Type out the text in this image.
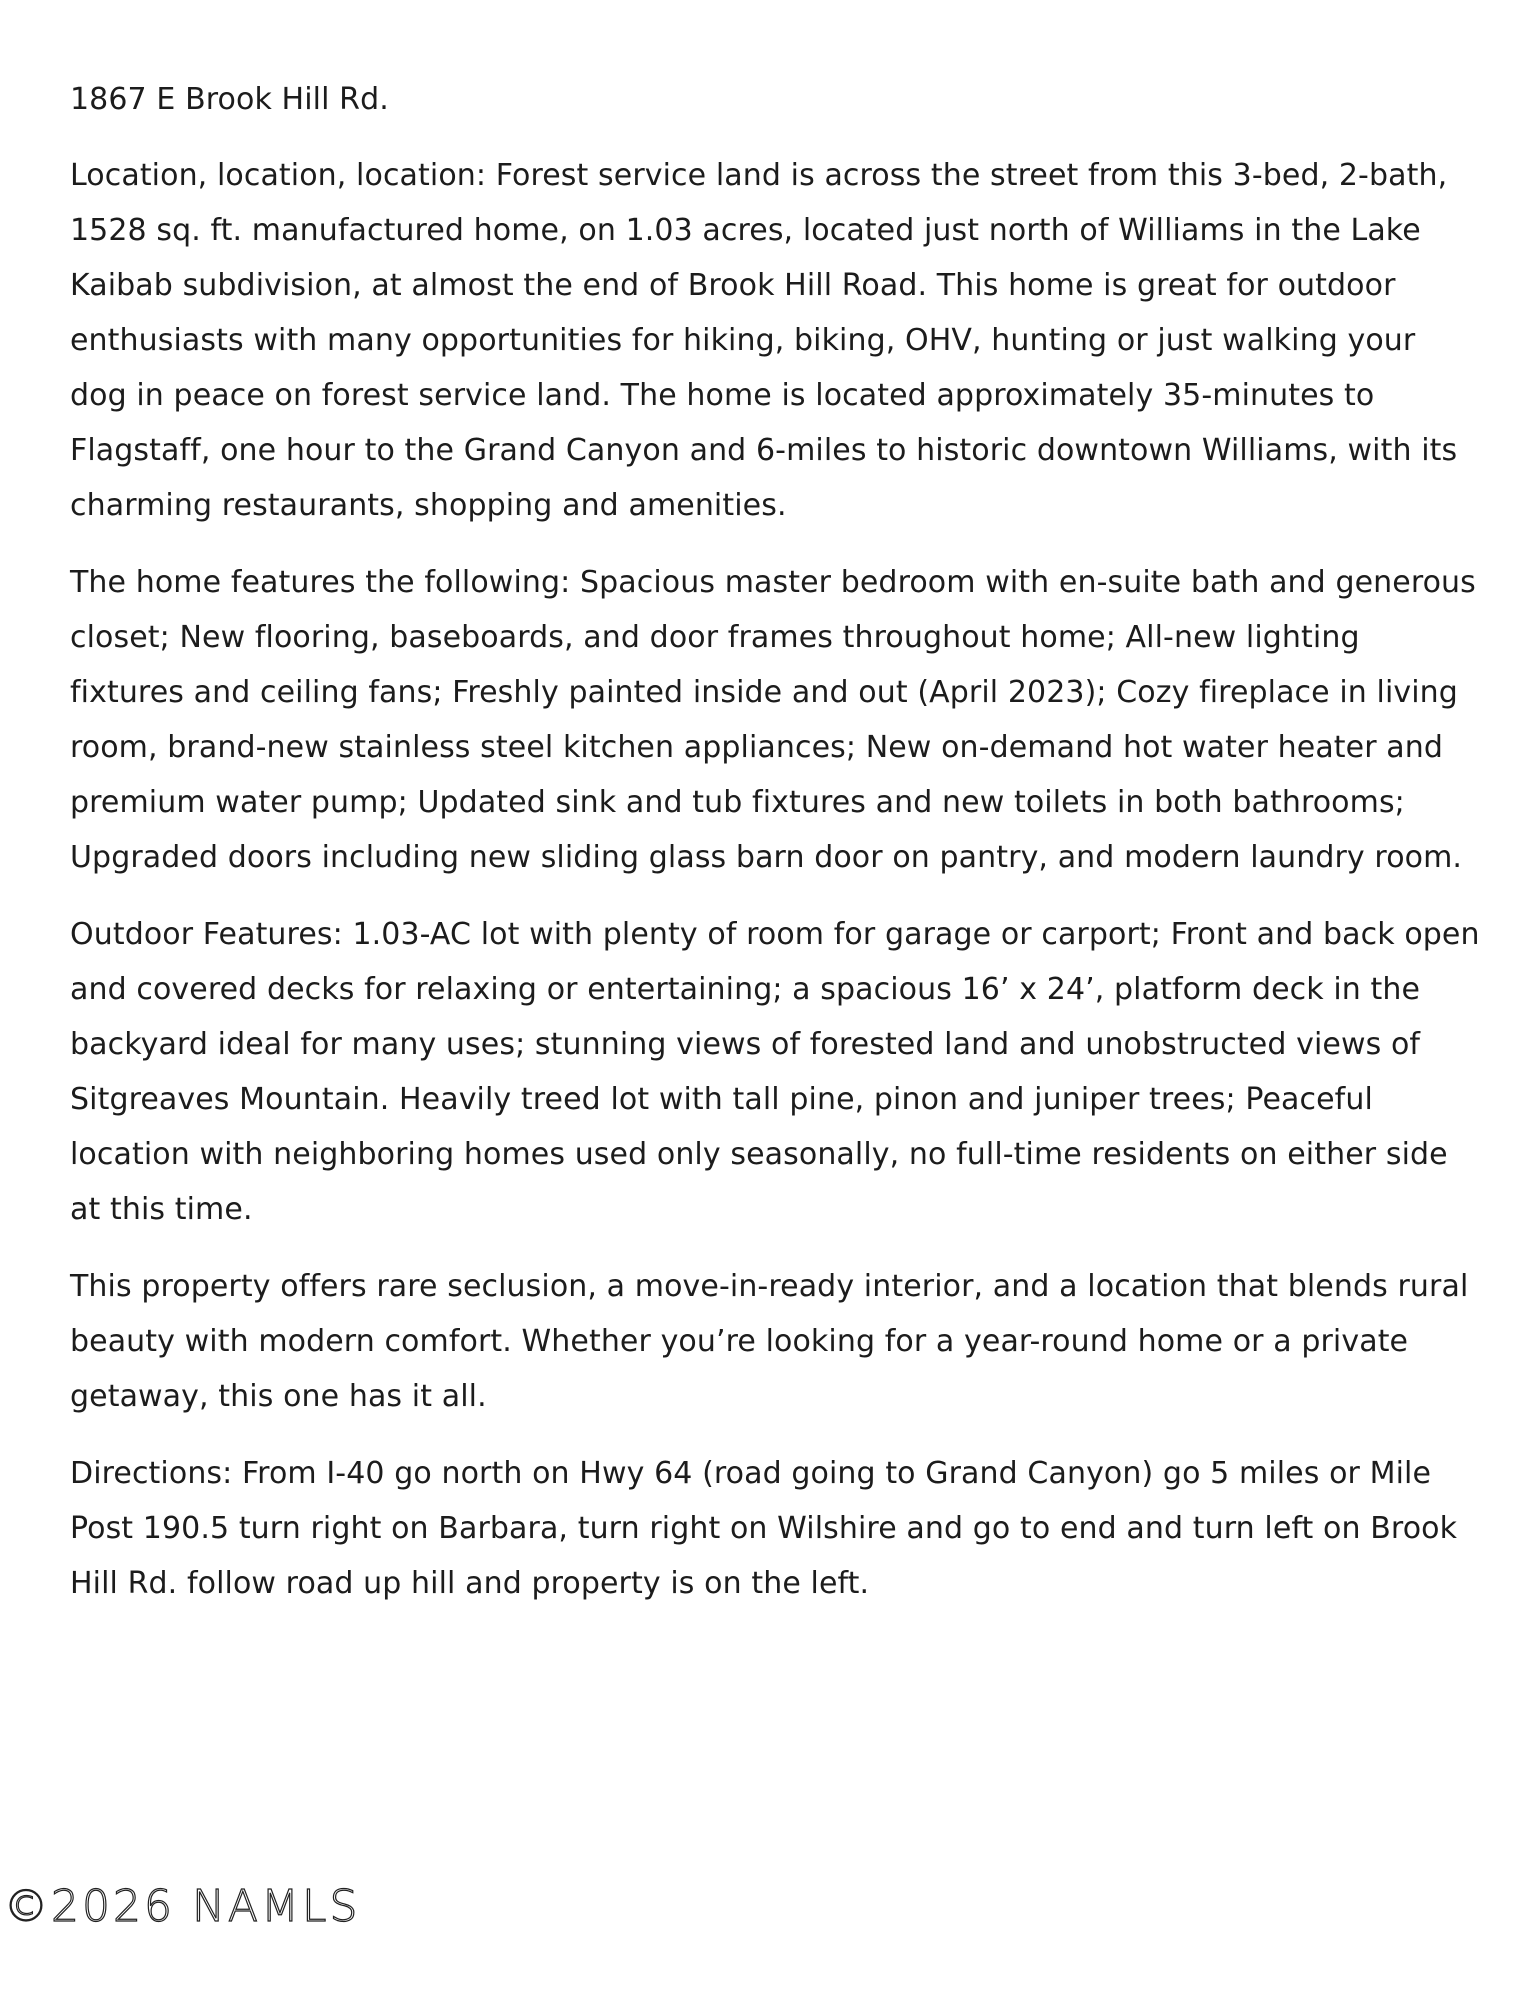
1867 E Brook Hill Rd.

Location, location, location: Forest service land is across the street from this 3-bed, 2-bath, 1528 sq. ft. manufactured home, on 1.03 acres, located just north of Williams in the Lake Kaibab subdivision, at almost the end of Brook Hill Road. This home is great for outdoor enthusiasts with many opportunities for hiking, biking, OHV, hunting or just walking your dog in peace on forest service land. The home is located approximately 35-minutes to Flagstaff, one hour to the Grand Canyon and 6-miles to historic downtown Williams, with its charming restaurants, shopping and amenities.

The home features the following: Spacious master bedroom with en-suite bath and generous closet; New flooring, baseboards, and door frames throughout home; All-new lighting fixtures and ceiling fans; Freshly painted inside and out (April 2023); Cozy fireplace in living room, brand-new stainless steel kitchen appliances; New on-demand hot water heater and premium water pump; Updated sink and tub fixtures and new toilets in both bathrooms; Upgraded doors including new sliding glass barn door on pantry, and modern laundry room.

Outdoor Features: 1.03-AC lot with plenty of room for garage or carport; Front and back open and covered decks for relaxing or entertaining; a spacious 16’ x 24’, platform deck in the backyard ideal for many uses; stunning views of forested land and unobstructed views of Sitgreaves Mountain. Heavily treed lot with tall pine, pinon and juniper trees; Peaceful location with neighboring homes used only seasonally, no full-time residents on either side at this time.

This property offers rare seclusion, a move-in-ready interior, and a location that blends rural beauty with modern comfort. Whether you’re looking for a year-round home or a private getaway, this one has it all.

Directions: From I-40 go north on Hwy 64 (road going to Grand Canyon) go 5 miles or Mile Post 190.5 turn right on Barbara, turn right on Wilshire and go to end and turn left on Brook Hill Rd. follow road up hill and property is on the left.

©2026 NAMLS
